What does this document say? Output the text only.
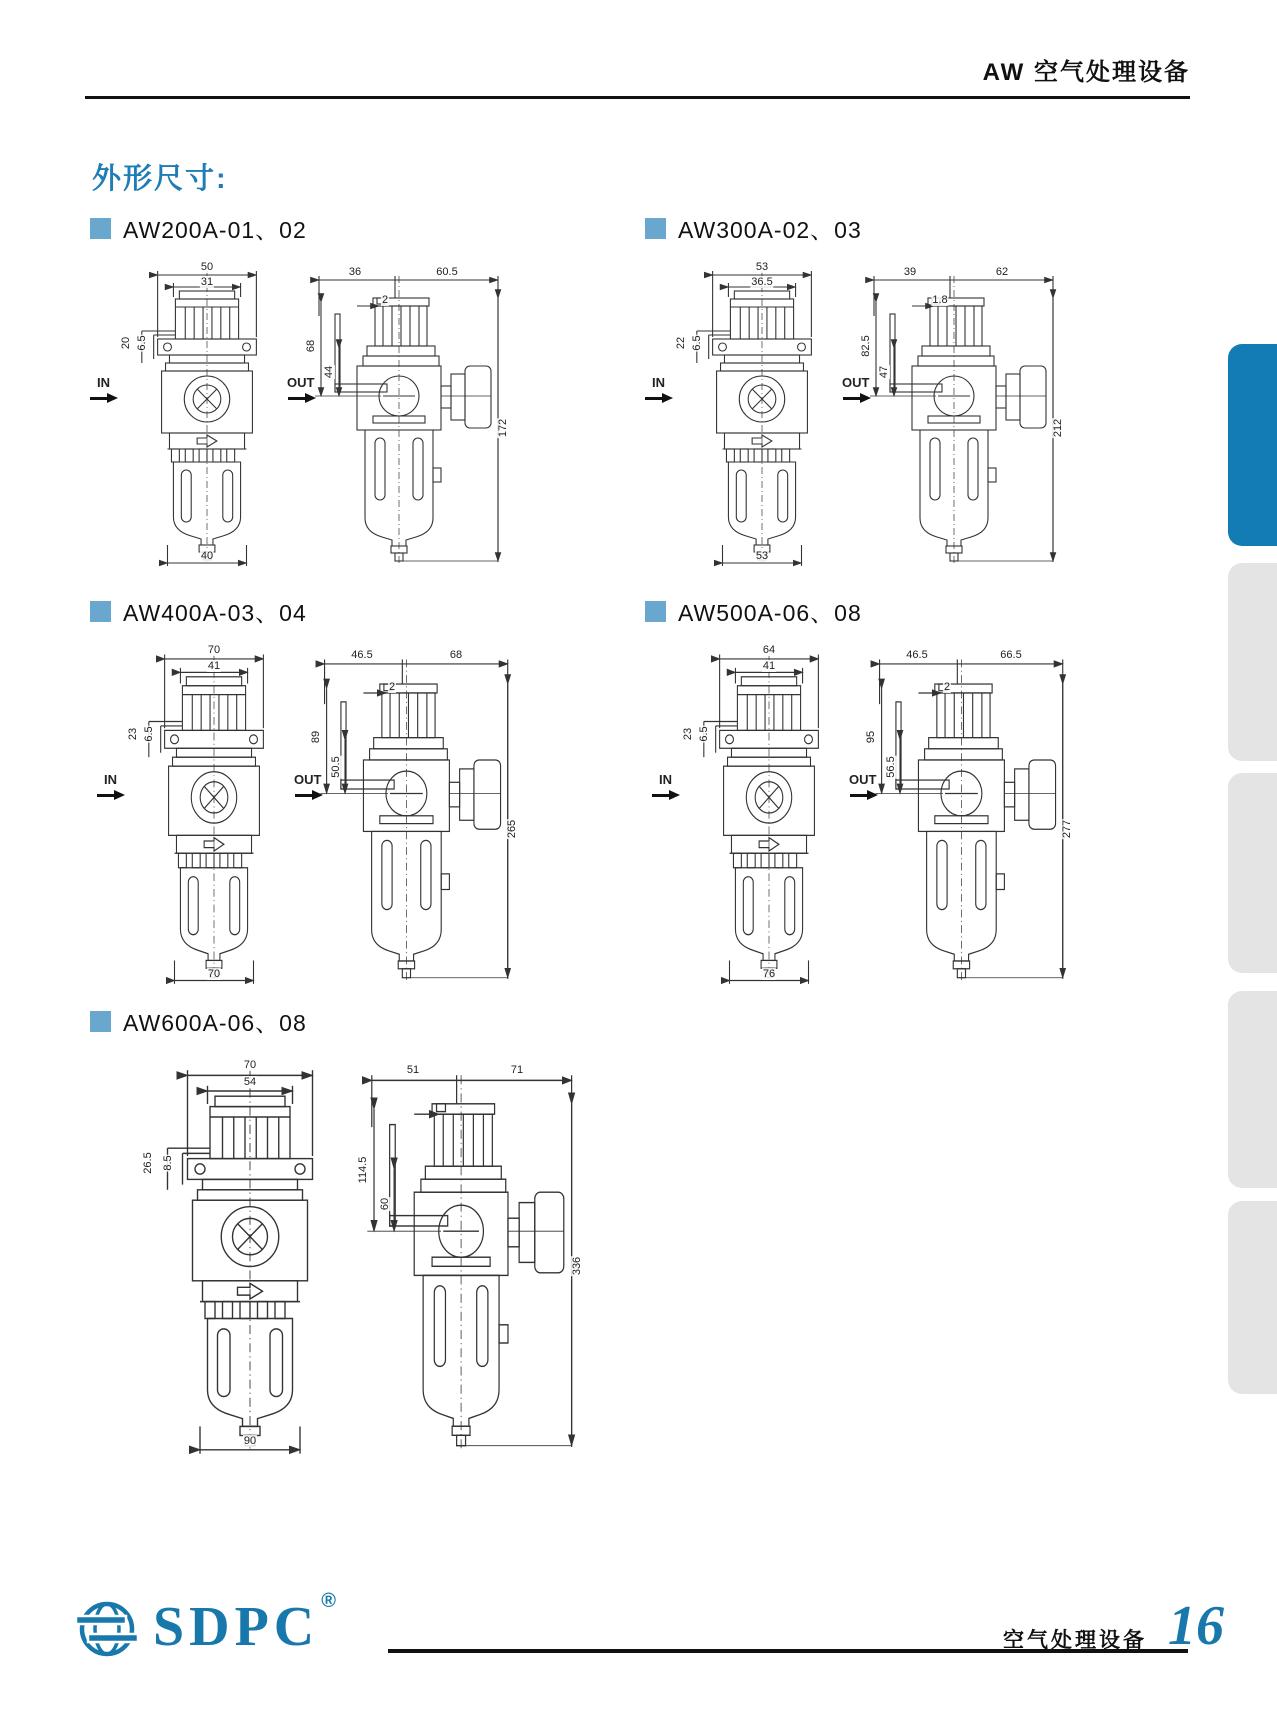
AW 空气处理设备
外形尺寸:
AW200A-01、02
50
31
20 6.5
IN	OUT
40
36	60.5
2
68
44
172
AW300A-02、03
53
36.5
22 6.5
IN	OUT
53
39	62
1.8
82.5
47
212
AW400A-03、04
70
41
23 6.5
IN	OUT
70
46.5	68
2
89
50.5
265
AW500A-06、08
64
41
23 6.5
IN	OUT
76
46.5	66.5
2
95
56.5
277
AW600A-06、08
70
54
26.5 8.5
90
51	71
114.5
60
336
SDPC ®
空气处理设备 16
